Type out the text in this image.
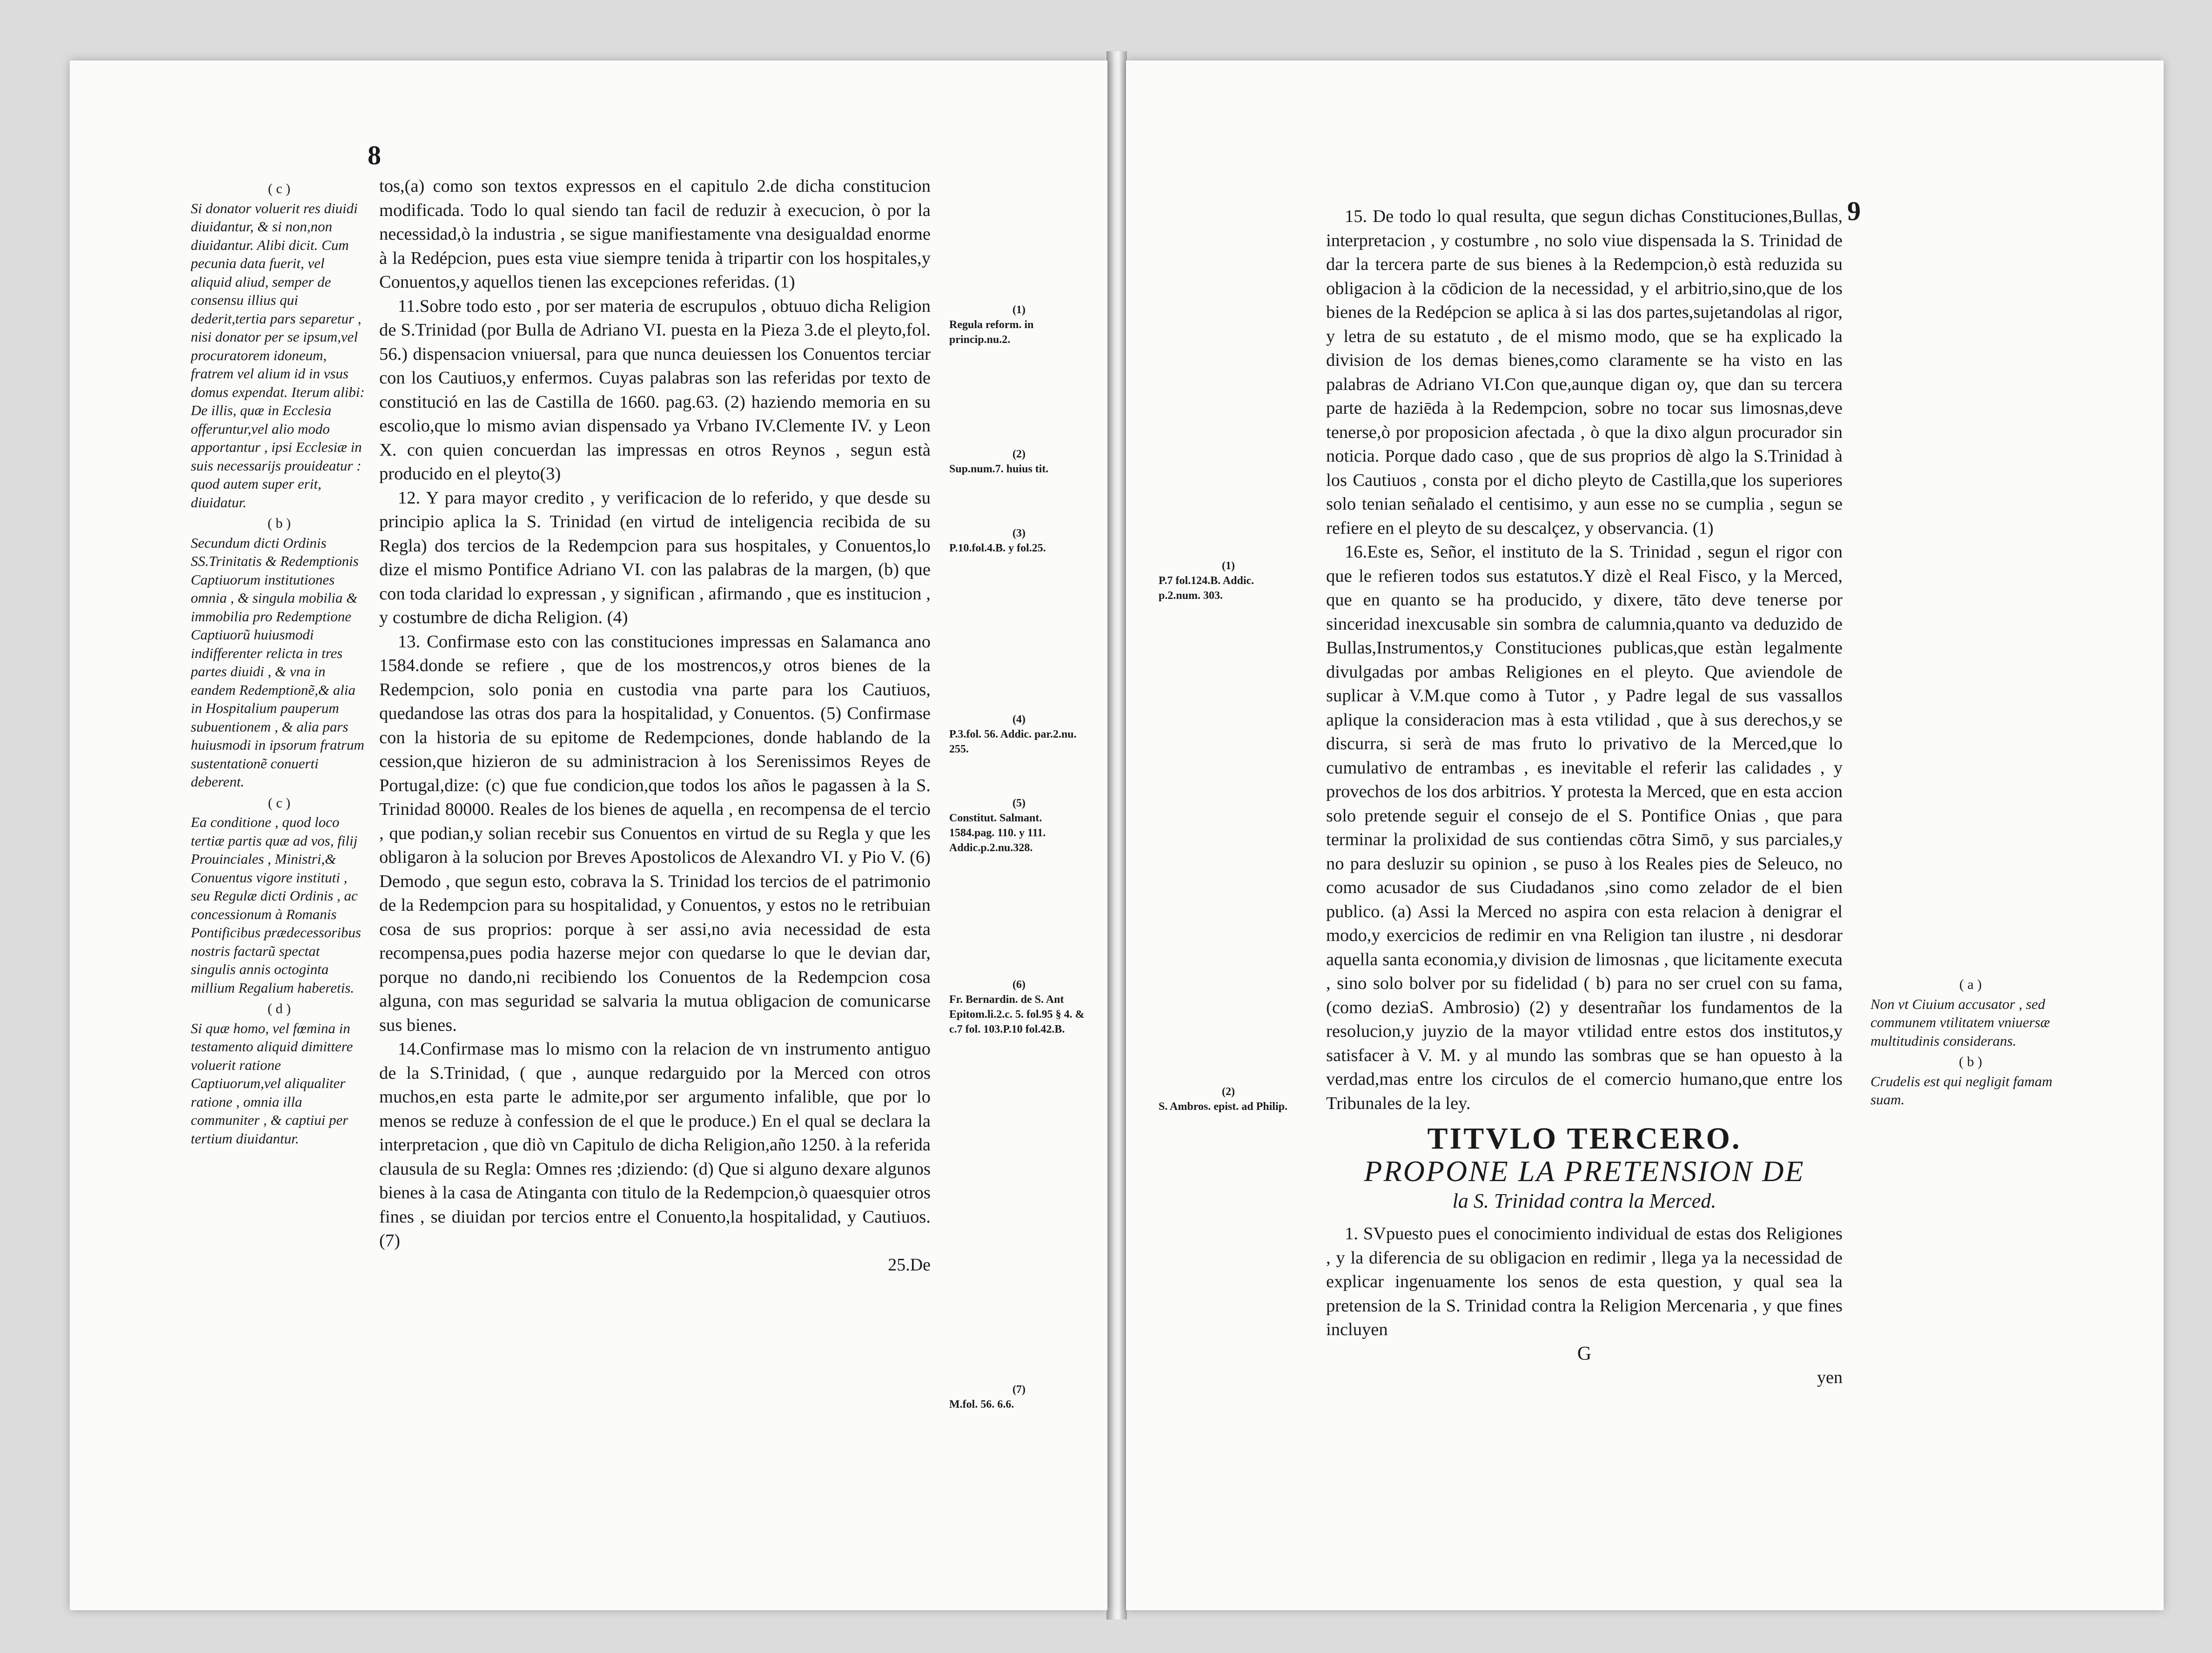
8
( c )

Si donator voluerit res diuidi diuidantur, & si non,non diuidantur. Alibi dicit. Cum pecunia data fuerit, vel aliquid aliud, semper de consensu illius qui dederit,tertia pars separetur , nisi donator per se ipsum,vel procuratorem idoneum, fratrem vel alium id in vsus domus expendat. Iterum alibi: De illis, quæ in Ecclesia offeruntur,vel alio modo apportantur , ipsi Ecclesiæ in suis necessarijs prouideatur : quod autem super erit, diuidatur.

( b )

Secundum dicti Ordinis SS.Trinitatis & Redemptionis Captiuorum institutiones omnia , & singula mobilia & immobilia pro Redemptione Captiuorũ huiusmodi indifferenter relicta in tres partes diuidi , & vna in eandem Redemptionẽ,& alia in Hospitalium pauperum subuentionem , & alia pars huiusmodi in ipsorum fratrum sustentationẽ conuerti deberent.

( c )

Ea conditione , quod loco tertiæ partis quæ ad vos, filij Prouinciales , Ministri,& Conuentus vigore instituti , seu Regulæ dicti Ordinis , ac concessionum à Romanis Pontificibus prædecessoribus nostris factarũ spectat singulis annis octoginta millium Regalium haberetis.

( d )

Si quæ homo, vel fœmina in testamento aliquid dimittere voluerit ratione Captiuorum,vel aliqualiter ratione , omnia illa communiter , & captiui per tertium diuidantur.

tos,(a) como son textos expressos en el capitulo 2.de dicha constitucion modificada. Todo lo qual siendo tan facil de reduzir à execucion, ò por la necessidad,ò la industria , se sigue manifiestamente vna desigualdad enorme à la Redépcion, pues esta viue siempre tenida à tripartir con los hospitales,y Conuentos,y aquellos tienen las excepciones referidas. (1)

11.Sobre todo esto , por ser materia de escrupulos , obtuuo dicha Religion de S.Trinidad (por Bulla de Adriano VI. puesta en la Pieza 3.de el pleyto,fol. 56.) dispensacion vniuersal, para que nunca deuiessen los Conuentos terciar con los Cautiuos,y enfermos. Cuyas palabras son las referidas por texto de constitució en las de Castilla de 1660. pag.63. (2) haziendo memoria en su escolio,que lo mismo avian dispensado ya Vrbano IV.Clemente IV. y Leon X. con quien concuerdan las impressas en otros Reynos , segun està producido en el pleyto(3)

12. Y para mayor credito , y verificacion de lo referido, y que desde su principio aplica la S. Trinidad (en virtud de inteligencia recibida de su Regla) dos tercios de la Redempcion para sus hospitales, y Conuentos,lo dize el mismo Pontifice Adriano VI. con las palabras de la margen, (b) que con toda claridad lo expressan , y significan , afirmando , que es institucion , y costumbre de dicha Religion. (4)

13. Confirmase esto con las constituciones impressas en Salamanca ano 1584.donde se refiere , que de los mostrencos,y otros bienes de la Redempcion, solo ponia en custodia vna parte para los Cautiuos, quedandose las otras dos para la hospitalidad, y Conuentos. (5) Confirmase con la historia de su epitome de Redempciones, donde hablando de la cession,que hizieron de su administracion à los Serenissimos Reyes de Portugal,dize: (c) que fue condicion,que todos los años le pagassen à la S. Trinidad 80000. Reales de los bienes de aquella , en recompensa de el tercio , que podian,y solian recebir sus Conuentos en virtud de su Regla y que les obligaron à la solucion por Breves Apostolicos de Alexandro VI. y Pio V. (6) Demodo , que segun esto, cobrava la S. Trinidad los tercios de el patrimonio de la Redempcion para su hospitalidad, y Conuentos, y estos no le retribuian cosa de sus proprios: porque à ser assi,no avia necessidad de esta recompensa,pues podia hazerse mejor con quedarse lo que le devian dar, porque no dando,ni recibiendo los Conuentos de la Redempcion cosa alguna, con mas seguridad se salvaria la mutua obligacion de comunicarse sus bienes.

14.Confirmase mas lo mismo con la relacion de vn instrumento antiguo de la S.Trinidad, ( que , aunque redarguido por la Merced con otros muchos,en esta parte le admite,por ser argumento infalible, que por lo menos se reduze à confession de el que le produce.) En el qual se declara la interpretacion , que diò vn Capitulo de dicha Religion,año 1250. à la referida clausula de su Regla: Omnes res ;diziendo: (d) Que si alguno dexare algunos bienes à la casa de Atinganta con titulo de la Redempcion,ò quaesquier otros fines , se diuidan por tercios entre el Conuento,la hospitalidad, y Cautiuos. (7)

25.De

(1)
Regula reform. in princip.nu.2.
(2)
Sup.num.7. huius tit.
(3)
P.10.fol.4.B. y fol.25.
(4)
P.3.fol. 56. Addic. par.2.nu. 255.
(5)
Constitut. Salmant. 1584.pag. 110. y 111. Addic.p.2.nu.328.
(6)
Fr. Bernardin. de S. Ant Epitom.li.2.c. 5. fol.95 § 4. & c.7 fol. 103.P.10 fol.42.B.
(7)
M.fol. 56. 6.6.
9
(1)
P.7 fol.124.B. Addic. p.2.num. 303.
(2)
S. Ambros. epist. ad Philip.

15. De todo lo qual resulta, que segun dichas Constituciones,Bullas, interpretacion , y costumbre , no solo viue dispensada la S. Trinidad de dar la tercera parte de sus bienes à la Redempcion,ò està reduzida su obligacion à la cōdicion de la necessidad, y el arbitrio,sino,que de los bienes de la Redépcion se aplica à si las dos partes,sujetandolas al rigor, y letra de su estatuto , de el mismo modo, que se ha explicado la division de los demas bienes,como claramente se ha visto en las palabras de Adriano VI.Con que,aunque digan oy, que dan su tercera parte de haziēda à la Redempcion, sobre no tocar sus limosnas,deve tenerse,ò por proposicion afectada , ò que la dixo algun procurador sin noticia. Porque dado caso , que de sus proprios dè algo la S.Trinidad à los Cautiuos , consta por el dicho pleyto de Castilla,que los superiores solo tenian señalado el centisimo, y aun esse no se cumplia , segun se refiere en el pleyto de su descalçez, y observancia. (1)

16.Este es, Señor, el instituto de la S. Trinidad , segun el rigor con que le refieren todos sus estatutos.Y dizè el Real Fisco, y la Merced, que en quanto se ha producido, y dixere, tāto deve tenerse por sinceridad inexcusable sin sombra de calumnia,quanto va deduzido de Bullas,Instrumentos,y Constituciones publicas,que estàn legalmente divulgadas por ambas Religiones en el pleyto. Que aviendole de suplicar à V.M.que como à Tutor , y Padre legal de sus vassallos aplique la consideracion mas à esta vtilidad , que à sus derechos,y se discurra, si serà de mas fruto lo privativo de la Merced,que lo cumulativo de entrambas , es inevitable el referir las calidades , y provechos de los dos arbitrios. Y protesta la Merced, que en esta accion solo pretende seguir el consejo de el S. Pontifice Onias , que para terminar la prolixidad de sus contiendas cōtra Simō, y sus parciales,y no para desluzir su opinion , se puso à los Reales pies de Seleuco, no como acusador de sus Ciudadanos ,sino como zelador de el bien publico. (a) Assi la Merced no aspira con esta relacion à denigrar el modo,y exercicios de redimir en vna Religion tan ilustre , ni desdorar aquella santa economia,y division de limosnas , que licitamente executa , sino solo bolver por su fidelidad ( b) para no ser cruel con su fama, (como deziaS. Ambrosio) (2) y desentrañar los fundamentos de la resolucion,y juyzio de la mayor vtilidad entre estos dos institutos,y satisfacer à V. M. y al mundo las sombras que se han opuesto à la verdad,mas entre los circulos de el comercio humano,que entre los Tribunales de la ley.

TITVLO TERCERO.
PROPONE LA PRETENSION DE
la S. Trinidad contra la Merced.

1. SVpuesto pues el conocimiento individual de estas dos Religiones , y la diferencia de su obligacion en redimir , llega ya la necessidad de explicar ingenuamente los senos de esta question, y qual sea la pretension de la S. Trinidad contra la Religion Mercenaria , y que fines incluyen

G

yen

( a )

Non vt Ciuium accusator , sed communem vtilitatem vniuersæ multitudinis considerans.

( b )

Crudelis est qui negligit famam suam.
